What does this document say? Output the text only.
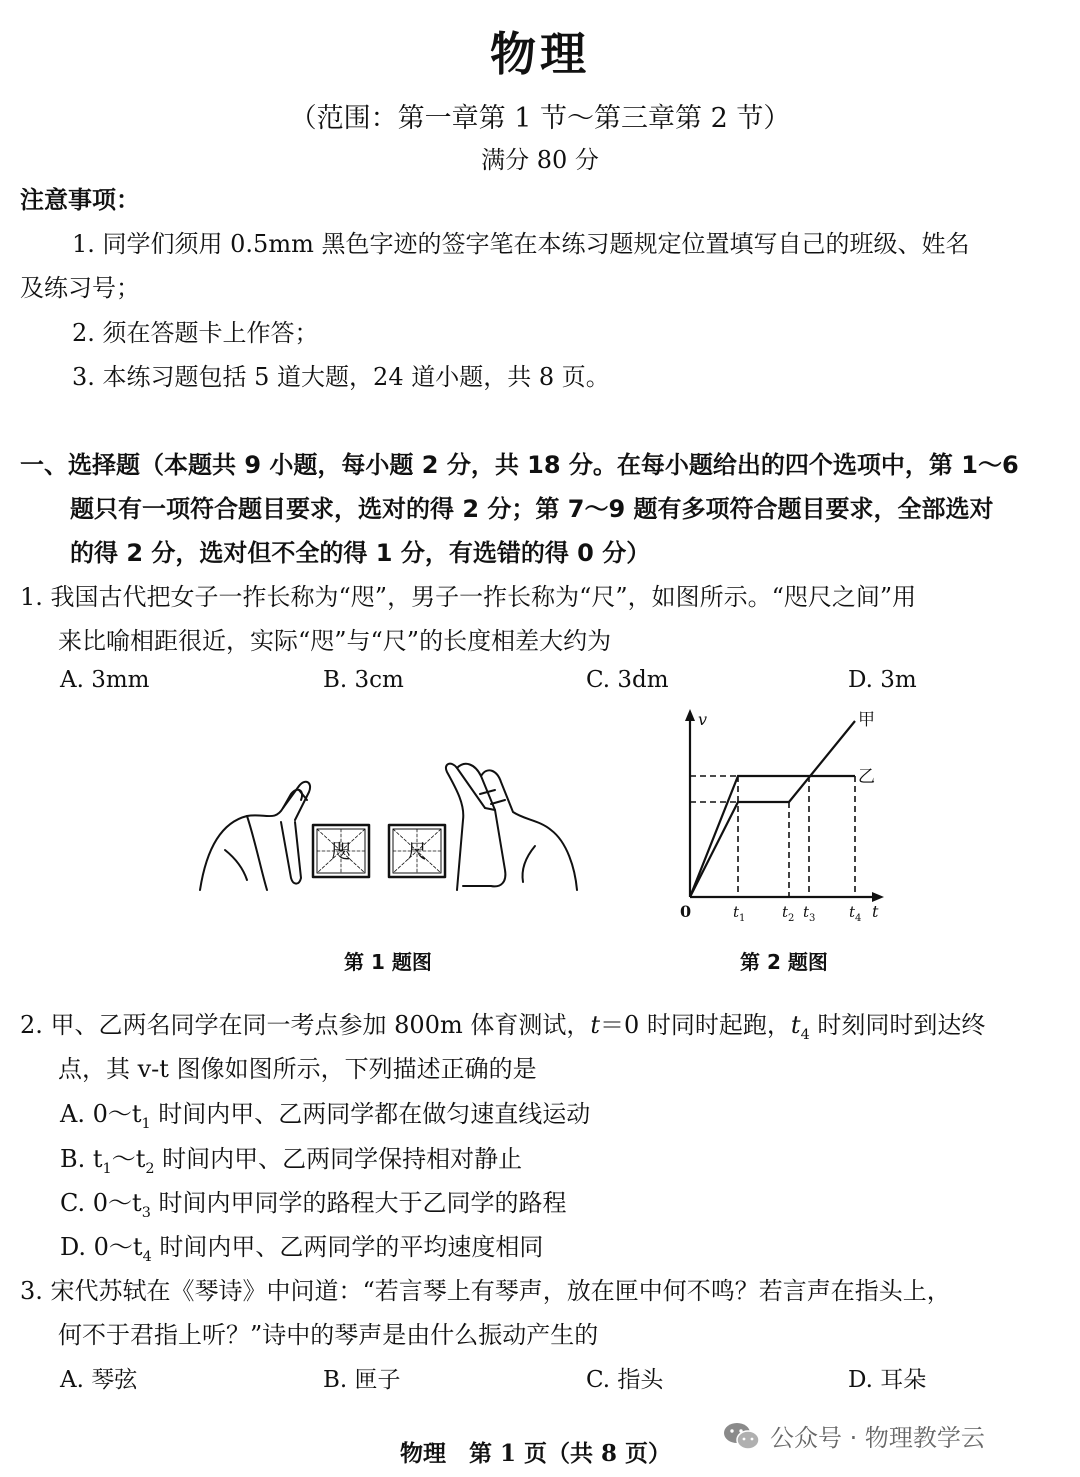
物理
（范围：第一章第 1 节～第三章第 2 节）
满分 80 分
注意事项：
1. 同学们须用 0.5mm 黑色字迹的签字笔在本练习题规定位置填写自己的班级、姓名
及练习号；
2. 须在答题卡上作答；
3. 本练习题包括 5 道大题，24 道小题，共 8 页。
一、选择题（本题共 9 小题，每小题 2 分，共 18 分。在每小题给出的四个选项中，第 1～6
题只有一项符合题目要求，选对的得 2 分；第 7～9 题有多项符合题目要求，全部选对
的得 2 分，选对但不全的得 1 分，有选错的得 0 分）
1. 我国古代把女子一拃长称为“咫”，男子一拃长称为“尺”，如图所示。“咫尺之间”用
来比喻相距很近，实际“咫”与“尺”的长度相差大约为
A. 3mm	B. 3cm	C. 3dm	D. 3m
咫	尺
第 1 题图
v
t
0
甲
乙
t 1 t 2 t 3 t 4
第 2 题图
2. 甲、乙两名同学在同一考点参加 800m 体育测试，t＝0 时同时起跑，$t_4$ 时刻同时到达终
点，其 v-t 图像如图所示，下列描述正确的是
A. $0\sim t_1$ 时间内甲、乙两同学都在做匀速直线运动
B. $t_1\sim t_2$ 时间内甲、乙两同学保持相对静止
C. $0\sim t_3$ 时间内甲同学的路程大于乙同学的路程
D. $0\sim t_4$ 时间内甲、乙两同学的平均速度相同
3. 宋代苏轼在《琴诗》中问道：“若言琴上有琴声，放在匣中何不鸣？若言声在指头上，
何不于君指上听？”诗中的琴声是由什么振动产生的
A. 琴弦	B. 匣子	C. 指头	D. 耳朵
物理　第 1 页（共 8 页）
公众号 · 物理教学云
